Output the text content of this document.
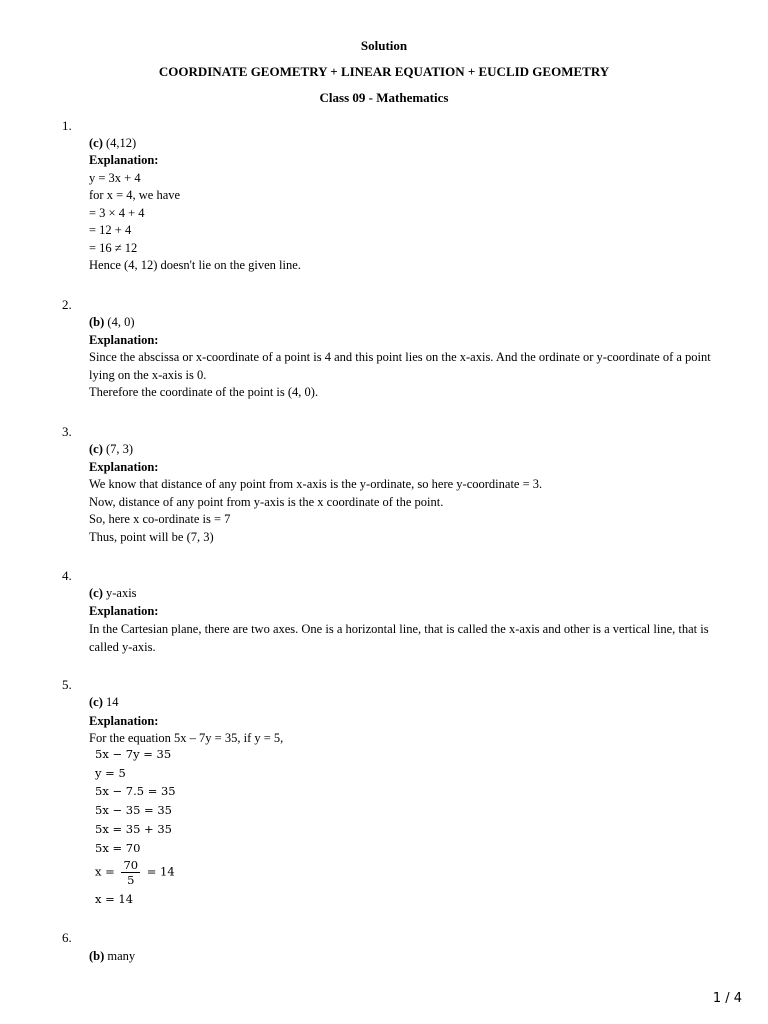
Solution
COORDINATE GEOMETRY + LINEAR EQUATION + EUCLID GEOMETRY
Class 09 - Mathematics
1.
(c) (4,12)
Explanation:
y = 3x + 4
for x = 4, we have
= 3 × 4 + 4
= 12 + 4
= 16 ≠ 12
Hence (4, 12) doesn't lie on the given line.
2.
(b) (4, 0)
Explanation:
Since the abscissa or x-coordinate of a point is 4 and this point lies on the x-axis. And the ordinate or y-coordinate of a point lying on the x-axis is 0.
Therefore the coordinate of the point is (4, 0).
3.
(c) (7, 3)
Explanation:
We know that distance of any point from x-axis is the y-ordinate, so here y-coordinate = 3.
Now, distance of any point from y-axis is the x coordinate of the point.
So, here x co-ordinate is = 7
Thus, point will be (7, 3)
4.
(c) y-axis
Explanation:
In the Cartesian plane, there are two axes. One is a horizontal line, that is called the x-axis and other is a vertical line, that is called y-axis.
5.
(c) 14
Explanation:
For the equation 5x – 7y = 35, if y = 5,
5x − 7y = 35
y = 5
5x − 7.5 = 35
5x − 35 = 35
5x = 35 + 35
5x = 70
$x = \frac{70}{5} = 14$
x = 14
6.
(b) many
1 / 4
